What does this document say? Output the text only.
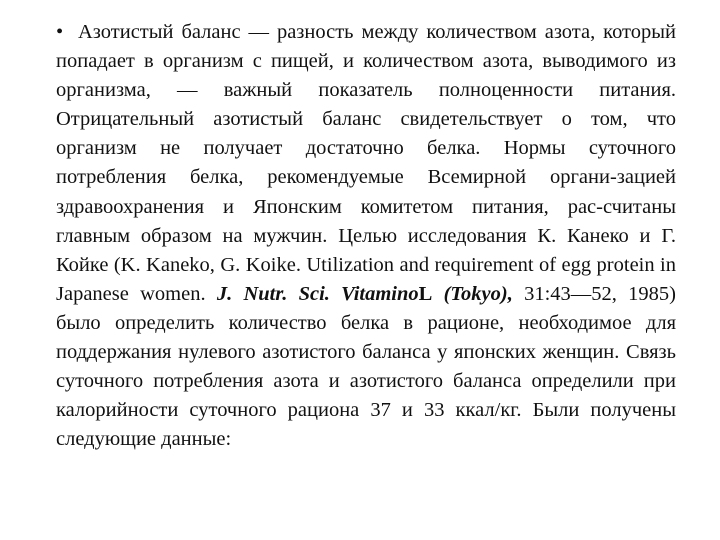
• Азотистый баланс — разность между количеством азота, который попадает в организм с пищей, и количеством азота, выводимого из организма, — важный показатель полноценности питания. Отрицательный азотистый баланс свидетельствует о том, что организм не получает достаточно белка. Нормы суточного потребления белка, рекомендуемые Всемирной органи-зацией здравоохранения и Японским комитетом питания, рас-считаны главным образом на мужчин. Целью исследования К. Канеко и Г. Койке (K. Kaneko, G. Koike. Utilization and requirement of egg protein in Japanese women. J. Nutr. Sci. VitaminoL (Tokyo), 31:43—52, 1985) было определить количество белка в рационе, необходимое для поддержания нулевого азотистого баланса у японских женщин. Связь суточного потребления азота и азотистого баланса определили при калорийности суточного рациона 37 и 33 ккал/кг. Были получены следующие данные:
